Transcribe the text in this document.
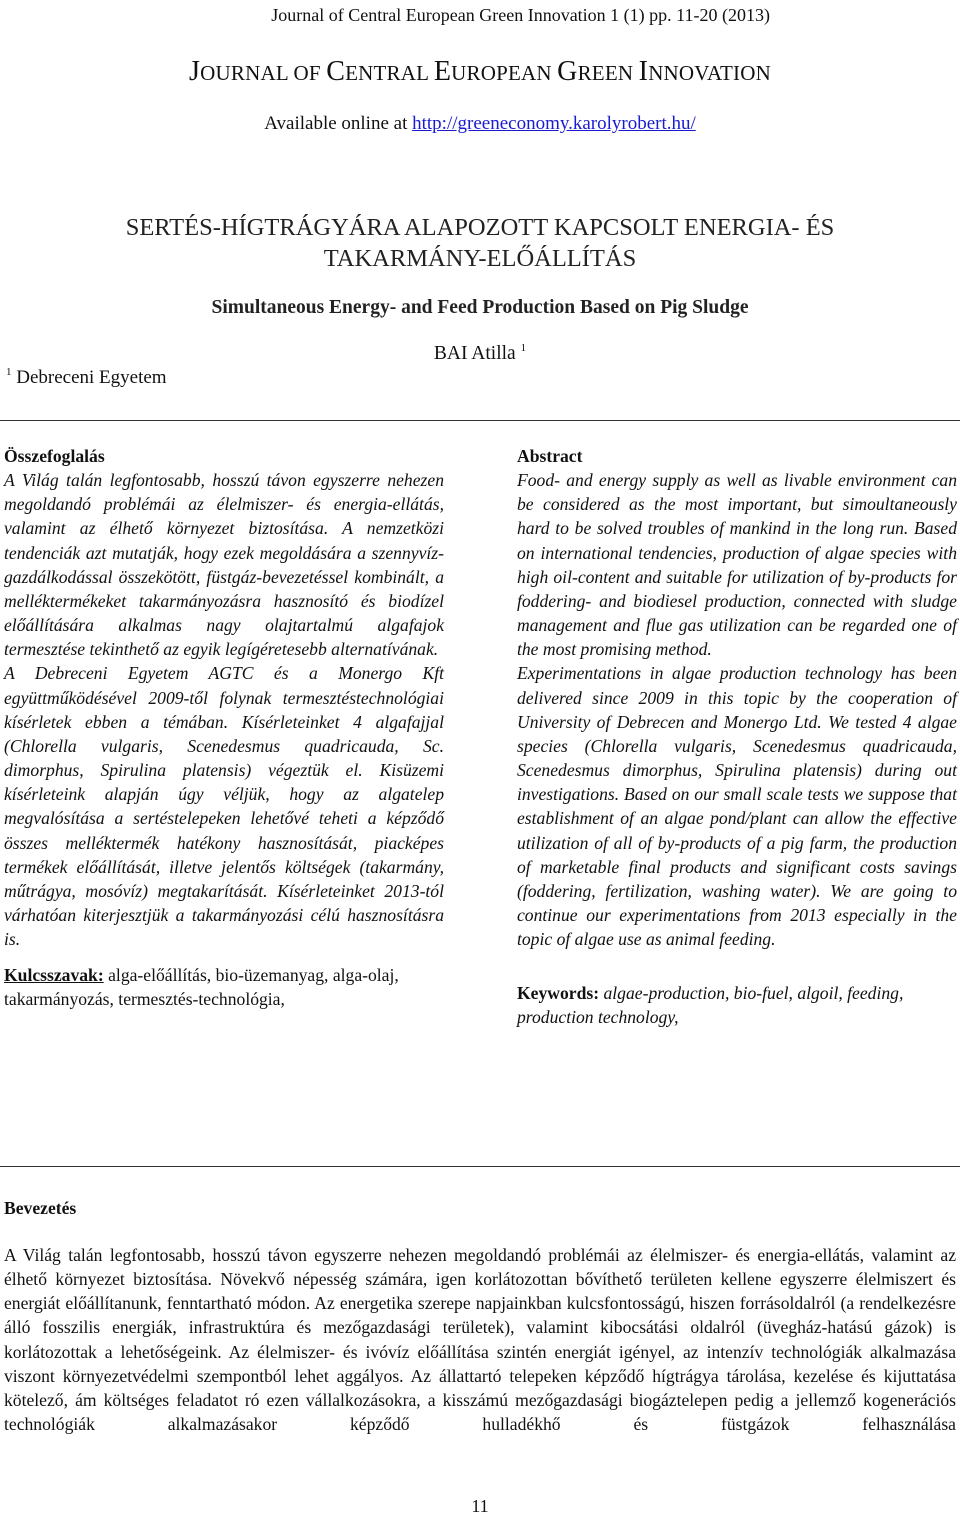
Journal of Central European Green Innovation 1 (1) pp. 11-20 (2013)
JOURNAL OF CENTRAL EUROPEAN GREEN INNOVATION
Available online at http://greeneconomy.karolyrobert.hu/
SERTÉS-HÍGTRÁGYÁRA ALAPOZOTT KAPCSOLT ENERGIA- ÉS
TAKARMÁNY-ELŐÁLLÍTÁS
Simultaneous Energy- and Feed Production Based on Pig Sludge
BAI Atilla $^1$
$^1$ Debreceni Egyetem
Összefoglalás

A Világ talán legfontosabb, hosszú távon egyszerre nehezen megoldandó problémái az élelmiszer- és energia-ellátás, valamint az élhető környezet biztosítása. A nemzetközi tendenciák azt mutatják, hogy ezek megoldására a szennyvíz-gazdálkodással összekötött, füstgáz-bevezetéssel kombinált, a melléktermékeket takarmányozásra hasznosító és biodízel előállítására alkalmas nagy olajtartalmú algafajok termesztése tekinthető az egyik legígéretesebb alternatívának.

A Debreceni Egyetem AGTC és a Monergo Kft együttműködésével 2009-től folynak termesztéstechnológiai kísérletek ebben a témában. Kísérleteinket 4 algafajjal (Chlorella vulgaris, Scenedesmus quadricauda, Sc. dimorphus, Spirulina platensis) végeztük el. Kisüzemi kísérleteink alapján úgy véljük, hogy az algatelep megvalósítása a sertéstelepeken lehetővé teheti a képződő összes melléktermék hatékony hasznosítását, piacképes termékek előállítását, illetve jelentős költségek (takarmány, műtrágya, mosóvíz) megtakarítását. Kísérleteinket 2013-tól várhatóan kiterjesztjük a takarmányozási célú hasznosításra is.

Kulcsszavak: alga-előállítás, bio-üzemanyag, alga-olaj, takarmányozás, termesztés-technológia,
Abstract

Food- and energy supply as well as livable environment can be considered as the most important, but simoultaneously hard to be solved troubles of mankind in the long run. Based on international tendencies, production of algae species with high oil-content and suitable for utilization of by-products for foddering- and biodiesel production, connected with sludge management and flue gas utilization can be regarded one of the most promising method.

Experimentations in algae production technology has been delivered since 2009 in this topic by the cooperation of University of Debrecen and Monergo Ltd. We tested 4 algae species (Chlorella vulgaris, Scenedesmus quadricauda, Scenedesmus dimorphus, Spirulina platensis) during out investigations. Based on our small scale tests we suppose that establishment of an algae pond/plant can allow the effective utilization of all of by-products of a pig farm, the production of marketable final products and significant costs savings (foddering, fertilization, washing water). We are going to continue our experimentations from 2013 especially in the topic of algae use as animal feeding.

Keywords: algae-production, bio-fuel, algoil, feeding, production technology,
Bevezetés
A Világ talán legfontosabb, hosszú távon egyszerre nehezen megoldandó problémái az élelmiszer- és energia-ellátás, valamint az élhető környezet biztosítása. Növekvő népesség számára, igen korlátozottan bővíthető területen kellene egyszerre élelmiszert és energiát előállítanunk, fenntartható módon. Az energetika szerepe napjainkban kulcsfontosságú, hiszen forrásoldalról (a rendelkezésre álló fosszilis energiák, infrastruktúra és mezőgazdasági területek), valamint kibocsátási oldalról (üvegház-hatású gázok) is korlátozottak a lehetőségeink. Az élelmiszer- és ivóvíz előállítása szintén energiát igényel, az intenzív technológiák alkalmazása viszont környezetvédelmi szempontból lehet aggályos. Az állattartó telepeken képződő hígtrágya tárolása, kezelése és kijuttatása kötelező, ám költséges feladatot ró ezen vállalkozásokra, a kisszámú mezőgazdasági biogáztelepen pedig a jellemző kogenerációs technológiák alkalmazásakor képződő hulladékhő és füstgázok felhasználása
11
